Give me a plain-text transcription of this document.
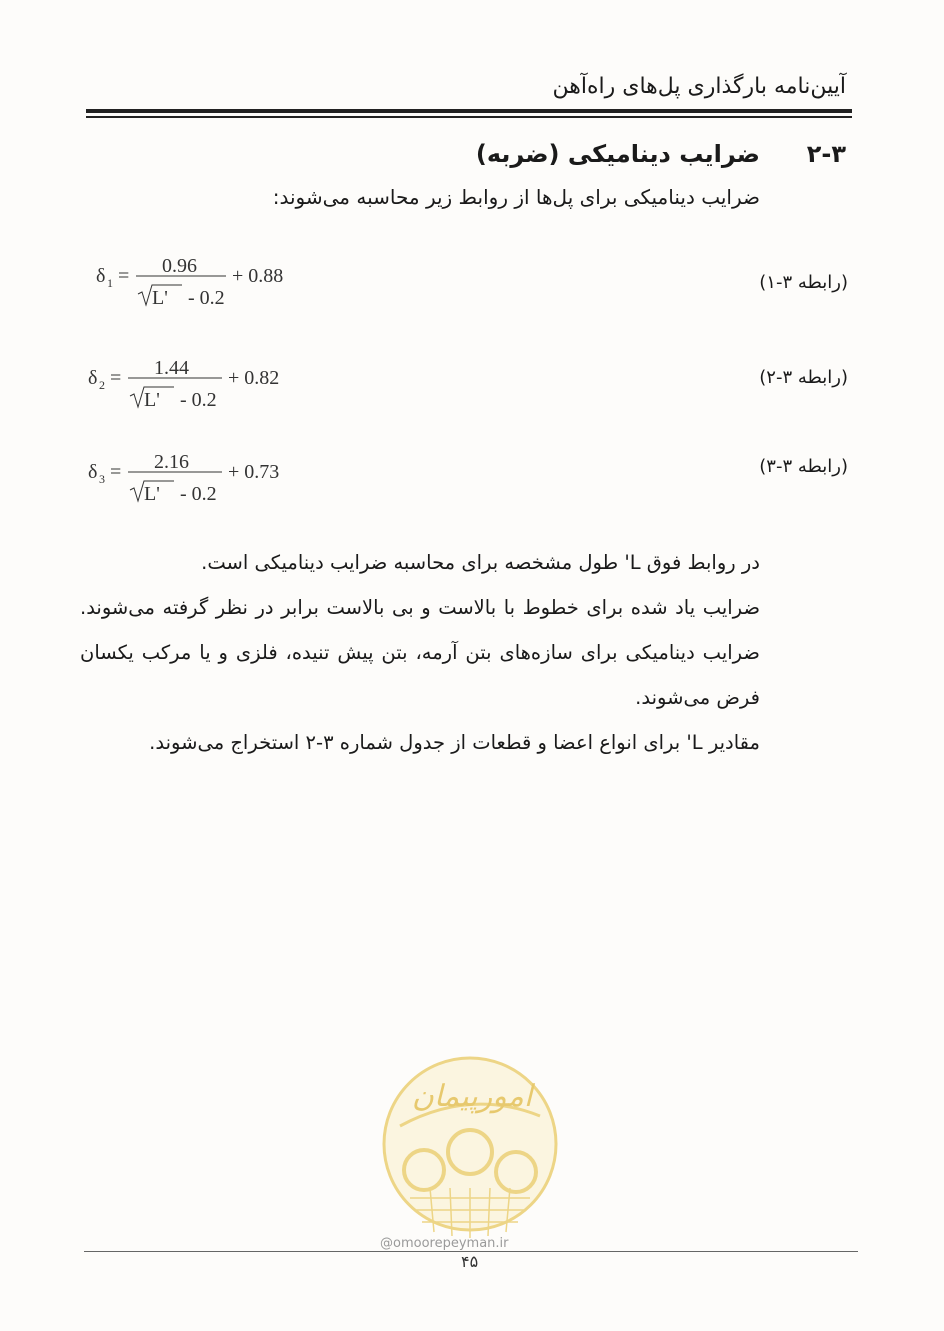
آیین‌نامه بارگذاری پل‌های راه‌آهن
۲-۳
ضرایب دینامیکی (ضربه)
ضرایب دینامیکی برای پل‌ها از روابط زیر محاسبه می‌شوند:
(رابطه ۳-۱)
δ 1 = 0.96
L' - 0.2
+ 0.88
(رابطه ۳-۲)
δ 2 = 1.44
L' - 0.2
+ 0.82
(رابطه ۳-۳)
δ 3 = 2.16
L' - 0.2
+ 0.73

در روابط فوق L' طول مشخصه برای محاسبه ضرایب دینامیکی است.

ضرایب یاد شده برای خطوط با بالاست و بی بالاست برابر در نظر گرفته می‌شوند. ضرایب دینامیکی برای سازه‌های بتن آرمه، بتن پیش تنیده، فلزی و یا مرکب یکسان فرض می‌شوند.

مقادیر L' برای انواع اعضا و قطعات از جدول شماره ۳-۲ استخراج می‌شوند.

امورپیمان
@omoorepeyman.ir
۴۵
